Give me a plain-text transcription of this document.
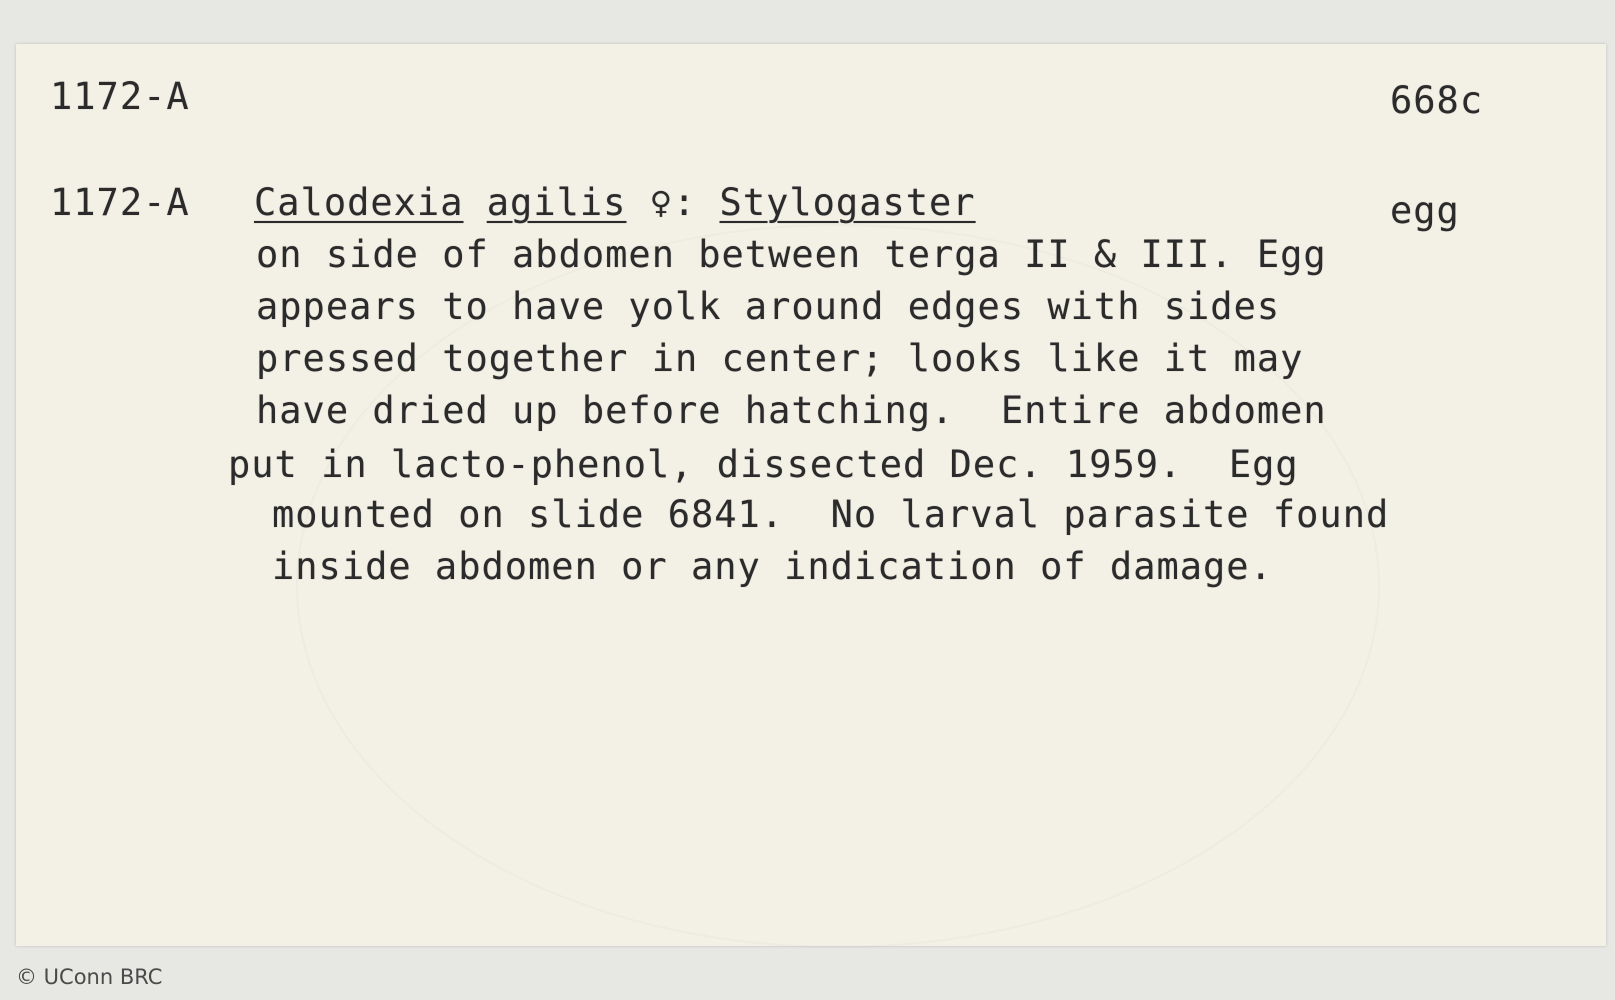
1172-A	668c
1172-A Calodexia agilis ♀: Stylogaster	egg
on side of abdomen between terga II & III. Egg
appears to have yolk around edges with sides
pressed together in center; looks like it may
have dried up before hatching.  Entire abdomen
put in lacto-phenol, dissected Dec. 1959.  Egg
mounted on slide 6841.  No larval parasite found
inside abdomen or any indication of damage.
© UConn BRC
